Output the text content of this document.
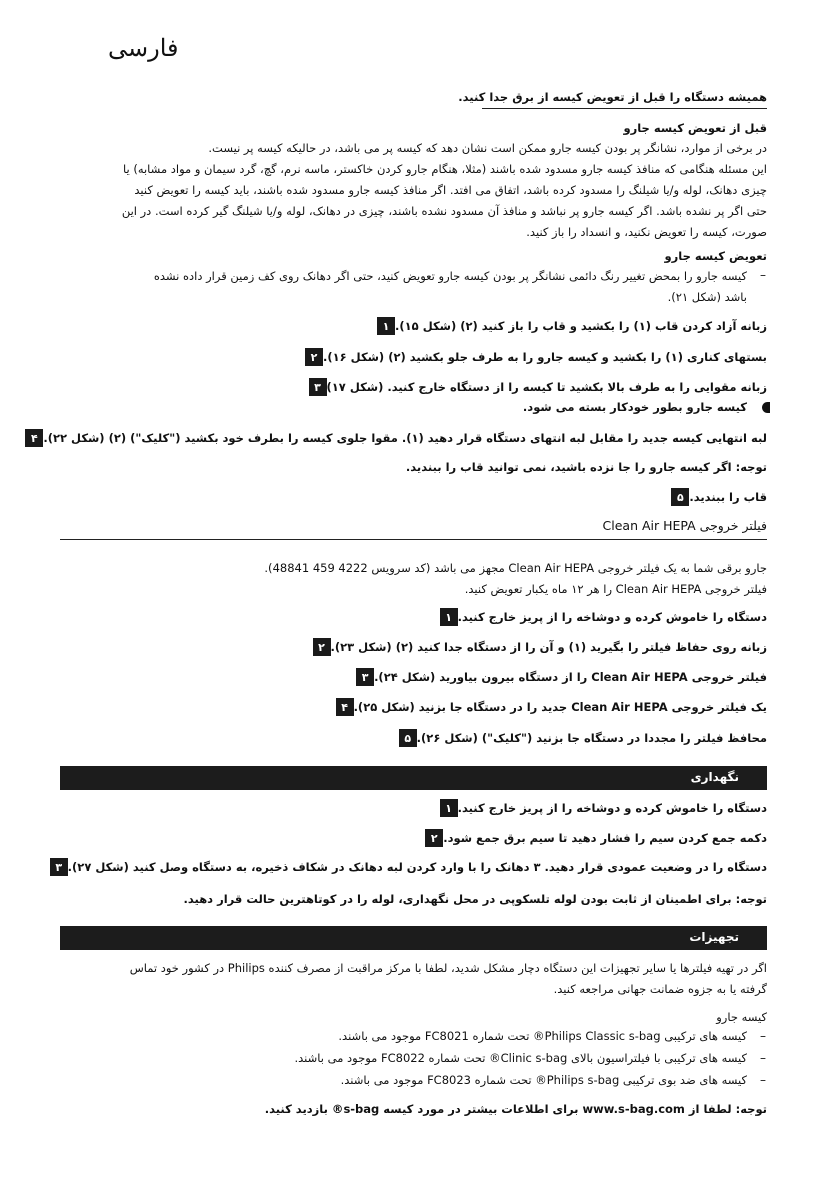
فارسی
همیشه دستگاه را قبل از تعویض کیسه از برق جدا کنید.
قبل از تعویض کیسه جارو
در برخی از موارد، نشانگر پر بودن کیسه جارو ممکن است نشان دهد که کیسه پر می باشد، در حالیکه کیسه پر نیست.
این مسئله هنگامی که منافذ کیسه جارو مسدود شده باشند (مثلا، هنگام جارو کردن خاکستر، ماسه نرم، گچ، گرد سیمان و مواد مشابه) یا
چیزی دهانک، لوله و/یا شیلنگ را مسدود کرده باشد، اتفاق می افتد. اگر منافذ کیسه جارو مسدود شده باشند، باید کیسه را تعویض کنید
حتی اگر پر نشده باشد. اگر کیسه جارو پر نباشد و منافذ آن مسدود نشده باشند، چیزی در دهانک، لوله و/یا شیلنگ گیر کرده است. در این
صورت، کیسه را تعویض نکنید، و انسداد را باز کنید.
تعویض کیسه جارو
–
کیسه جارو را بمحض تغییر رنگ دائمی نشانگر پر بودن کیسه جارو تعویض کنید، حتی اگر دهانک روی کف زمین قرار داده نشده
باشد (شکل ۲۱).
۱ زبانه آزاد کردن قاب (۱) را بکشید و قاب را باز کنید (۲) (شکل ۱۵).
۲ بستهای کناری (۱) را بکشید و کیسه جارو را به طرف جلو بکشید (۲) (شکل ۱۶).
۳ زبانه مقوایی را به طرف بالا بکشید تا کیسه را از دستگاه خارج کنید. (شکل ۱۷)
کیسه جارو بطور خودکار بسته می شود.
۴ لبه انتهایی کیسه جدید را مقابل لبه انتهای دستگاه قرار دهید (۱). مقوا جلوی کیسه را بطرف خود بکشید ("کلیک") (۲) (شکل ۲۲).
توجه: اگر کیسه جارو را جا نزده باشید، نمی توانید قاب را ببندید.
۵ قاب را ببندید.
فیلتر خروجی Clean Air HEPA
جارو برقی شما به یک فیلتر خروجی Clean Air HEPA مجهز می باشد (کد سرویس 4222 459 48841).
فیلتر خروجی Clean Air HEPA را هر ۱۲ ماه یکبار تعویض کنید.
۱ دستگاه را خاموش کرده و دوشاخه را از پریز خارج کنید.
۲ زبانه روی حفاظ فیلتر را بگیرید (۱) و آن را از دستگاه جدا کنید (۲) (شکل ۲۳).
۳ فیلتر خروجی Clean Air HEPA را از دستگاه بیرون بیاورید (شکل ۲۴).
۴ یک فیلتر خروجی Clean Air HEPA جدید را در دستگاه جا بزنید (شکل ۲۵).
۵ محافظ فیلتر را مجددا در دستگاه جا بزنید ("کلیک") (شکل ۲۶).
نگهداری
۱ دستگاه را خاموش کرده و دوشاخه را از پریز خارج کنید.
۲ دکمه جمع کردن سیم را فشار دهید تا سیم برق جمع شود.
۳ دستگاه را در وضعیت عمودی قرار دهید. ۳ دهانک را با وارد کردن لبه دهانک در شکاف ذخیره، به دستگاه وصل کنید (شکل ۲۷).
توجه: برای اطمینان از ثابت بودن لوله تلسکوپی در محل نگهداری، لوله را در کوتاهترین حالت قرار دهید.
تجهیزات
اگر در تهیه فیلترها یا سایر تجهیزات این دستگاه دچار مشکل شدید، لطفا با مرکز مراقبت از مصرف کننده Philips در کشور خود تماس
گرفته یا به جزوه ضمانت جهانی مراجعه کنید.
کیسه جارو
–
کیسه های ترکیبی Philips Classic s-bag® تحت شماره FC8021 موجود می باشند.
–
کیسه های ترکیبی با فیلتراسیون بالای Clinic s-bag® تحت شماره FC8022 موجود می باشند.
–
کیسه های ضد بوی ترکیبی Philips s-bag® تحت شماره FC8023 موجود می باشند.
توجه: لطفا از www.s-bag.com برای اطلاعات بیشتر در مورد کیسه s-bag® بازدید کنید.
